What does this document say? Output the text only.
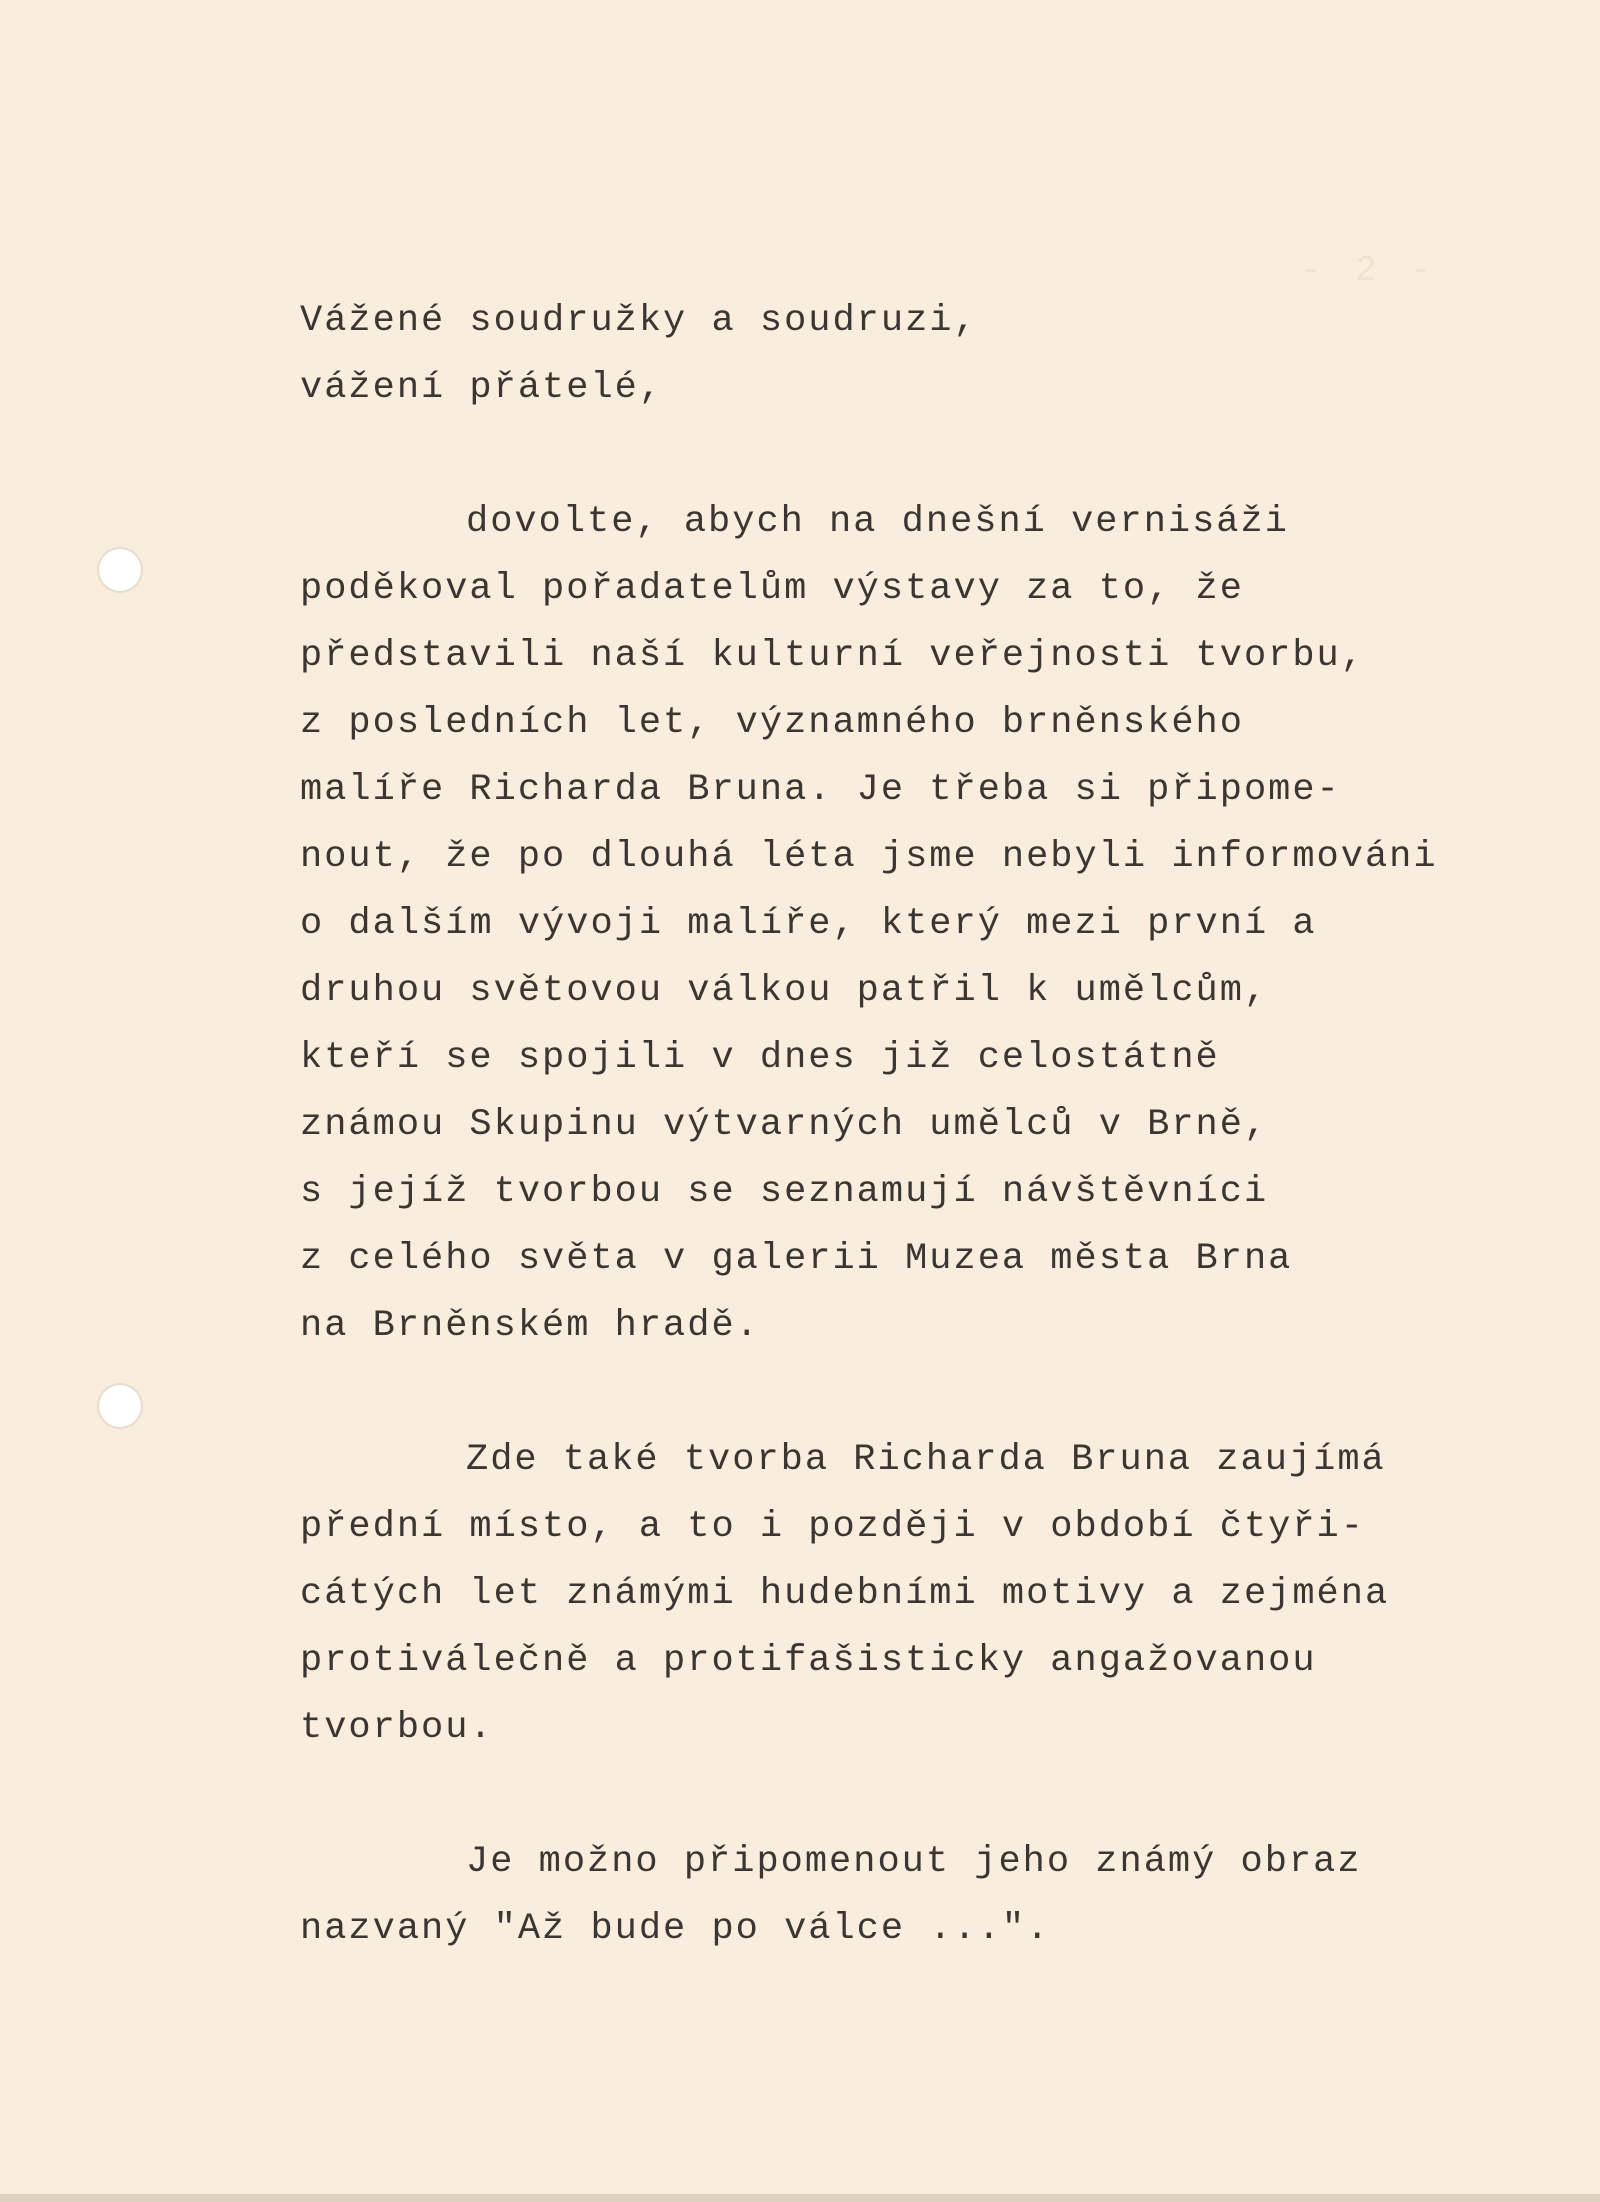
- 2 -
Vážené soudružky a soudruzi,
vážení přátelé,
dovolte, abych na dnešní vernisáži
poděkoval pořadatelům výstavy za to, že
představili naší kulturní veřejnosti tvorbu,
z posledních let, významného brněnského
malíře Richarda Bruna. Je třeba si připome-
nout, že po dlouhá léta jsme nebyli informováni
o dalším vývoji malíře, který mezi první a
druhou světovou válkou patřil k umělcům,
kteří se spojili v dnes již celostátně
známou Skupinu výtvarných umělců v Brně,
s jejíž tvorbou se seznamují návštěvníci
z celého světa v galerii Muzea města Brna
na Brněnském hradě.
Zde také tvorba Richarda Bruna zaujímá
přední místo, a to i později v období čtyři-
cátých let známými hudebními motivy a zejména
protiválečně a protifašisticky angažovanou
tvorbou.
Je možno připomenout jeho známý obraz
nazvaný "Až bude po válce ...".
